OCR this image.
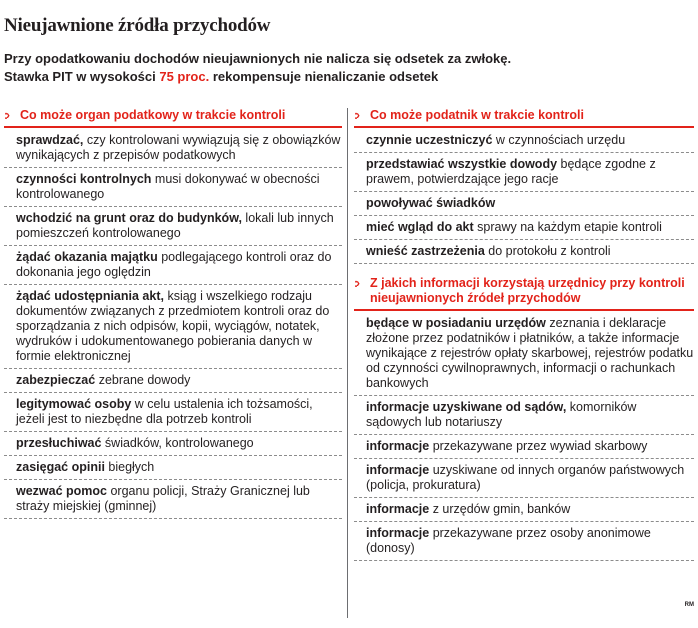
Nieujawnione źródła przychodów
Przy opodatkowaniu dochodów nieujawnionych nie nalicza się odsetek za zwłokę.
Stawka PIT w wysokości 75 proc. rekompensuje nienaliczanie odsetek
:› Co może organ podatkowy w trakcie kontroli
sprawdzać, czy kontrolowani wywiązują się z obowiązków wynikających z przepisów podatkowych
czynności kontrolnych musi dokonywać w obecności kontrolowanego
wchodzić na grunt oraz do budynków, lokali lub innych pomieszczeń kontrolowanego
żądać okazania majątku podlegającego kontroli oraz do dokonania jego oględzin
żądać udostępniania akt, ksiąg i wszelkiego rodzaju dokumentów związanych z przedmiotem kontroli oraz do sporządzania z nich odpisów, kopii, wyciągów, notatek, wydruków i udokumentowanego pobierania danych w formie elektronicznej
zabezpieczać zebrane dowody
legitymować osoby w celu ustalenia ich tożsamości, jeżeli jest to niezbędne dla potrzeb kontroli
przesłuchiwać świadków, kontrolowanego
zasięgać opinii biegłych
wezwać pomoc organu policji, Straży Granicznej lub straży miejskiej (gminnej)
:› Co może podatnik w trakcie kontroli
czynnie uczestniczyć w czynnościach urzędu
przedstawiać wszystkie dowody będące zgodne z prawem, potwierdzające jego racje
powoływać świadków
mieć wgląd do akt sprawy na każdym etapie kontroli
wnieść zastrzeżenia do protokołu z kontroli
:› Z jakich informacji korzystają urzędnicy przy kontroli nieujawnionych źródeł przychodów
będące w posiadaniu urzędów zeznania i deklaracje złożone przez podatników i płatników, a także informacje wynikające z rejestrów opłaty skarbowej, rejestrów podatku od czynności cywilnoprawnych, informacji o rachunkach bankowych
informacje uzyskiwane od sądów, komorników sądowych lub notariuszy
informacje przekazywane przez wywiad skarbowy
informacje uzyskiwane od innych organów państwowych (policja, prokuratura)
informacje z urzędów gmin, banków
informacje przekazywane przez osoby anonimowe (donosy)
RM
